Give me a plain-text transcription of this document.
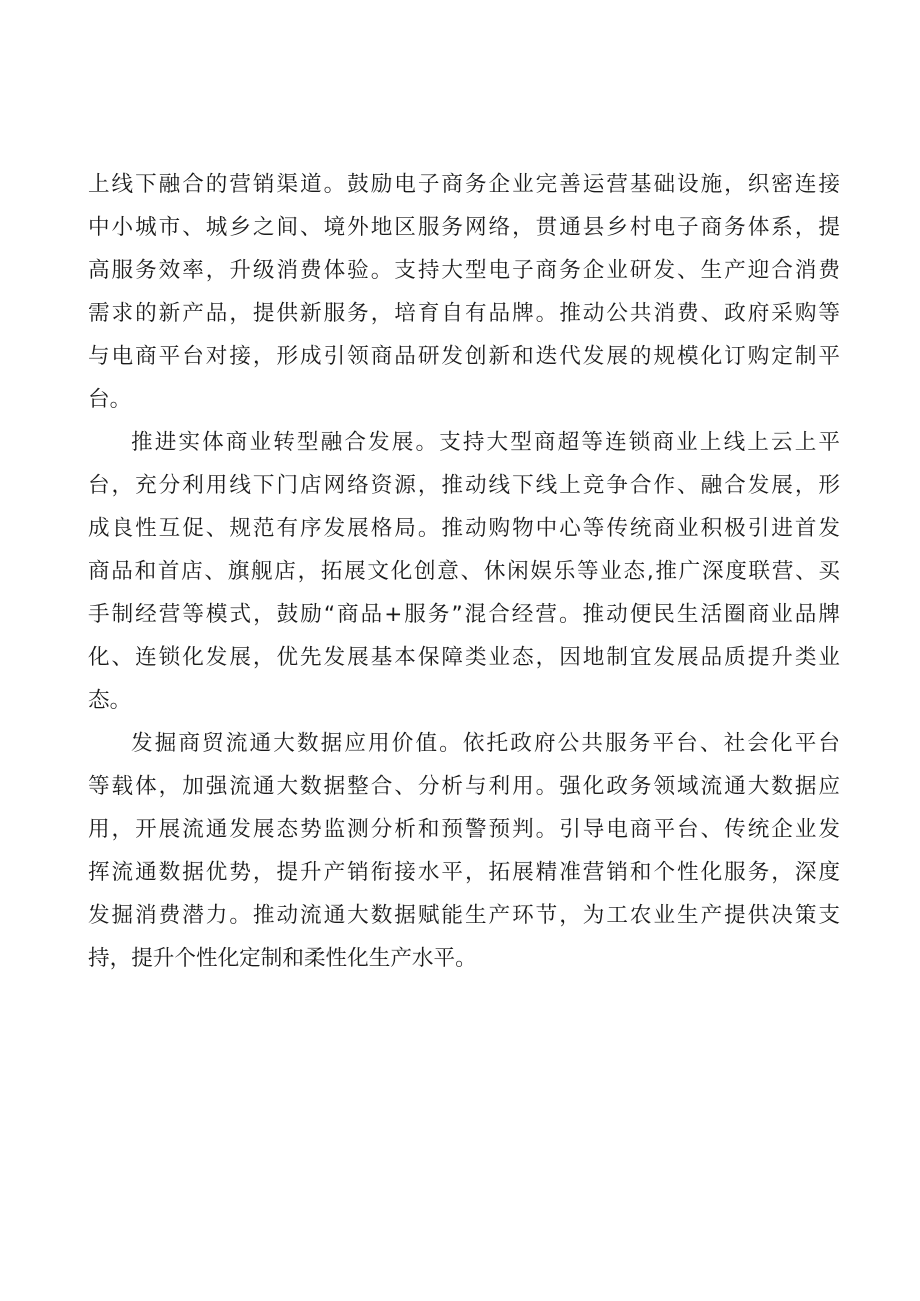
上线下融合的营销渠道。鼓励电子商务企业完善运营基础设施，织密连接
中小城市、城乡之间、境外地区服务网络，贯通县乡村电子商务体系，提
高服务效率，升级消费体验。支持大型电子商务企业研发、生产迎合消费
需求的新产品，提供新服务，培育自有品牌。推动公共消费、政府采购等
与电商平台对接，形成引领商品研发创新和迭代发展的规模化订购定制平
台。
推进实体商业转型融合发展。支持大型商超等连锁商业上线上云上平
台，充分利用线下门店网络资源，推动线下线上竞争合作、融合发展，形
成良性互促、规范有序发展格局。推动购物中心等传统商业积极引进首发
商品和首店、旗舰店，拓展文化创意、休闲娱乐等业态,推广深度联营、买
手制经营等模式，鼓励“商品+服务”混合经营。推动便民生活圈商业品牌
化、连锁化发展，优先发展基本保障类业态，因地制宜发展品质提升类业
态。
发掘商贸流通大数据应用价值。依托政府公共服务平台、社会化平台
等载体，加强流通大数据整合、分析与利用。强化政务领域流通大数据应
用，开展流通发展态势监测分析和预警预判。引导电商平台、传统企业发
挥流通数据优势，提升产销衔接水平，拓展精准营销和个性化服务，深度
发掘消费潜力。推动流通大数据赋能生产环节，为工农业生产提供决策支
持，提升个性化定制和柔性化生产水平。
